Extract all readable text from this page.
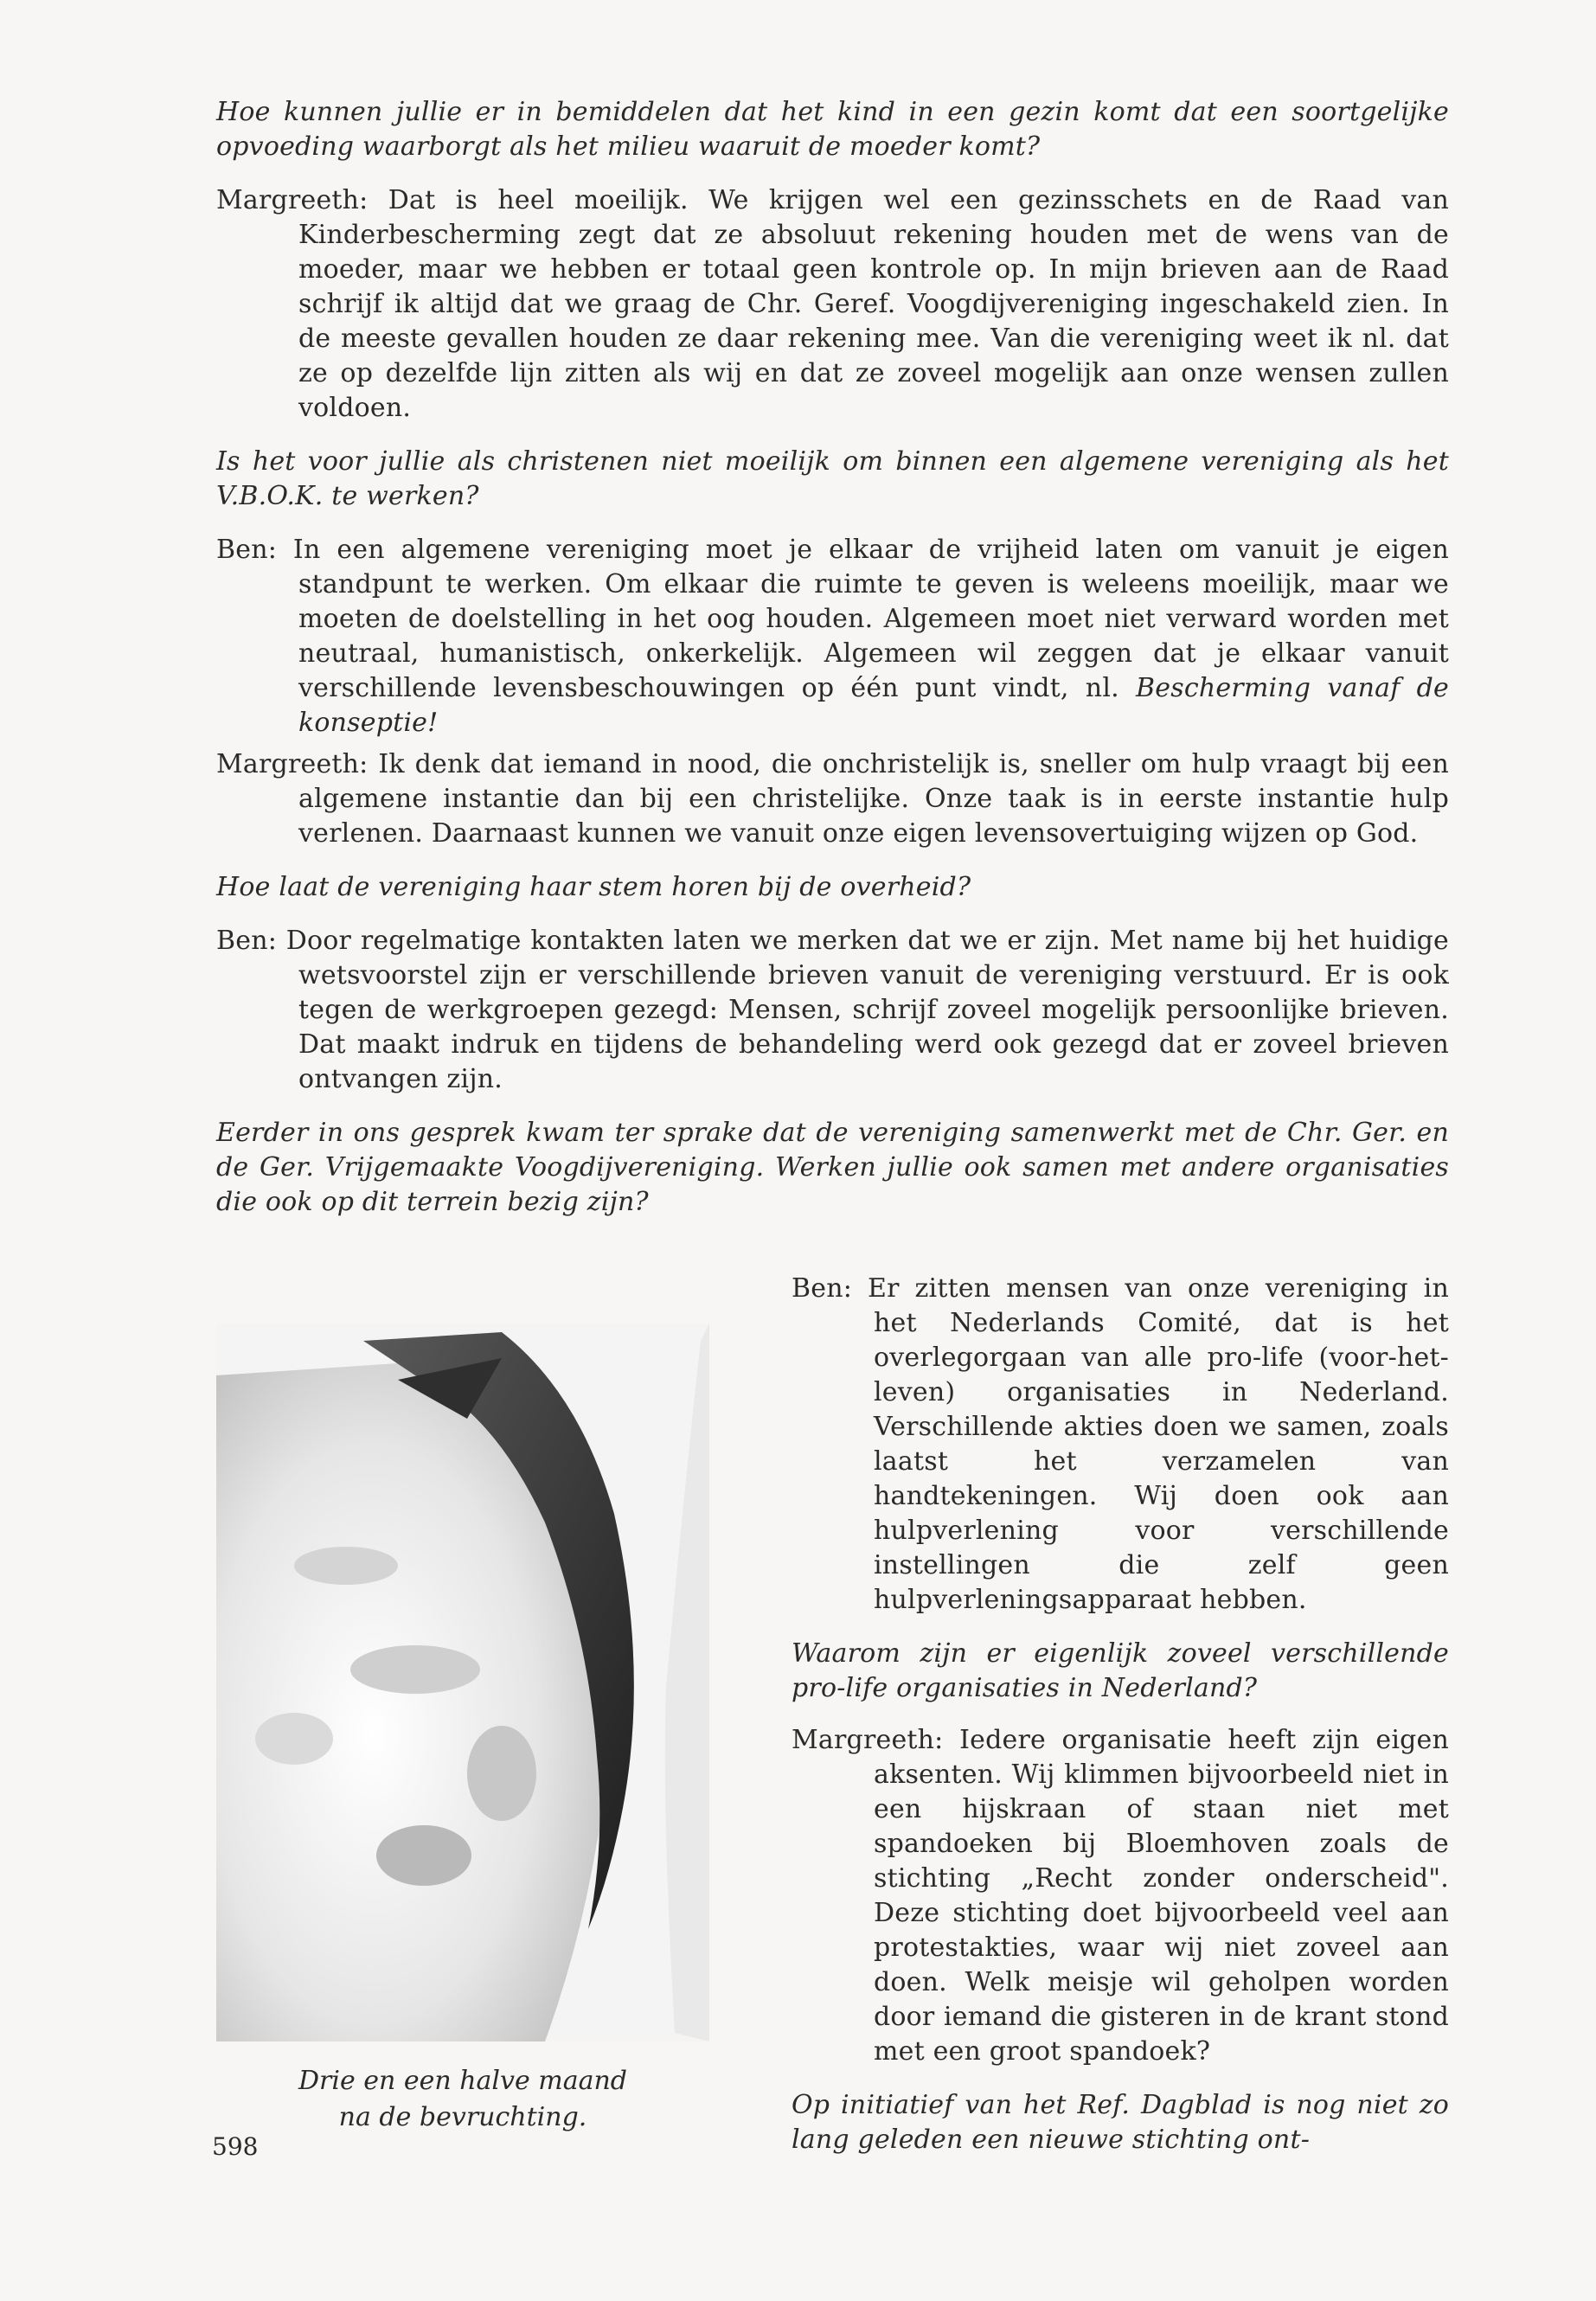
Hoe kunnen jullie er in bemiddelen dat het kind in een gezin komt dat een soortgelijke opvoeding waarborgt als het milieu waaruit de moeder komt?

Margreeth: Dat is heel moeilijk. We krijgen wel een gezinsschets en de Raad van Kinderbescherming zegt dat ze absoluut rekening houden met de wens van de moeder, maar we hebben er totaal geen kontrole op. In mijn brieven aan de Raad schrijf ik altijd dat we graag de Chr. Geref. Voogdijvereniging ingeschakeld zien. In de meeste gevallen houden ze daar rekening mee. Van die vereniging weet ik nl. dat ze op dezelfde lijn zitten als wij en dat ze zoveel mogelijk aan onze wensen zullen voldoen.

Is het voor jullie als christenen niet moeilijk om binnen een algemene vereniging als het V.B.O.K. te werken?

Ben: In een algemene vereniging moet je elkaar de vrijheid laten om vanuit je eigen standpunt te werken. Om elkaar die ruimte te geven is weleens moeilijk, maar we moeten de doelstelling in het oog houden. Algemeen moet niet verward worden met neutraal, humanistisch, onkerkelijk. Algemeen wil zeggen dat je elkaar vanuit verschillende levensbeschouwingen op één punt vindt, nl. Bescherming vanaf de konseptie!

Margreeth: Ik denk dat iemand in nood, die onchristelijk is, sneller om hulp vraagt bij een algemene instantie dan bij een christelijke. Onze taak is in eerste instantie hulp verlenen. Daarnaast kunnen we vanuit onze eigen levensovertuiging wijzen op God.

Hoe laat de vereniging haar stem horen bij de overheid?

Ben: Door regelmatige kontakten laten we merken dat we er zijn. Met name bij het huidige wetsvoorstel zijn er verschillende brieven vanuit de vereniging verstuurd. Er is ook tegen de werkgroepen gezegd: Mensen, schrijf zoveel mogelijk persoonlijke brieven. Dat maakt indruk en tijdens de behandeling werd ook gezegd dat er zoveel brieven ontvangen zijn.

Eerder in ons gesprek kwam ter sprake dat de vereniging samenwerkt met de Chr. Ger. en de Ger. Vrijgemaakte Voogdijvereniging. Werken jullie ook samen met andere organisaties die ook op dit terrein bezig zijn?

Drie en een halve maand
na de bevruchting.

Ben: Er zitten mensen van onze vereniging in het Nederlands Comité, dat is het overlegorgaan van alle pro-life (voor-het-leven) organisaties in Nederland. Verschillende akties doen we samen, zoals laatst het verzamelen van handtekeningen. Wij doen ook aan hulpverlening voor verschillende instellingen die zelf geen hulpverleningsapparaat hebben.

Waarom zijn er eigenlijk zoveel verschillende pro-life organisaties in Nederland?

Margreeth: Iedere organisatie heeft zijn eigen aksenten. Wij klimmen bijvoorbeeld niet in een hijskraan of staan niet met spandoeken bij Bloemhoven zoals de stichting „Recht zonder onderscheid". Deze stichting doet bijvoorbeeld veel aan protestakties, waar wij niet zoveel aan doen. Welk meisje wil geholpen worden door iemand die gisteren in de krant stond met een groot spandoek?

Op initiatief van het Ref. Dagblad is nog niet zo lang geleden een nieuwe stichting ont-

598
